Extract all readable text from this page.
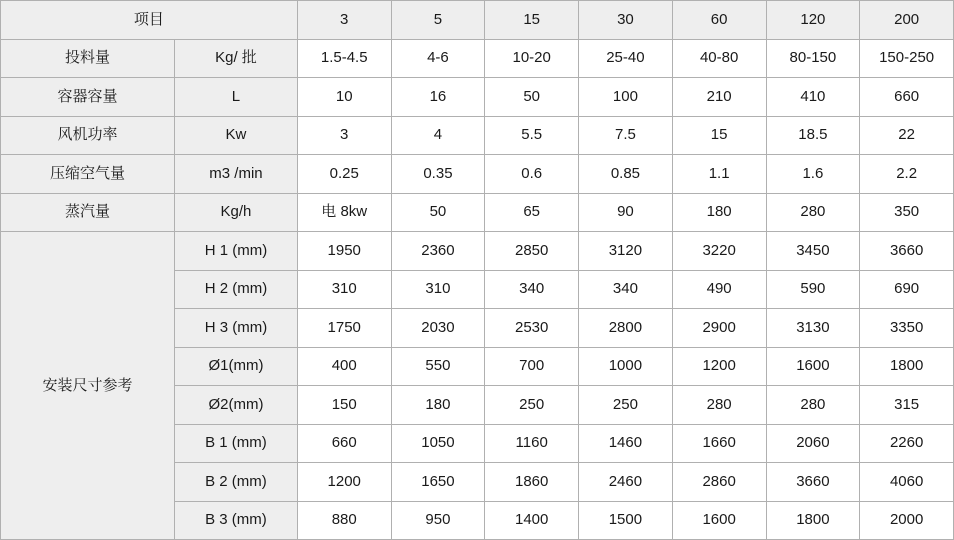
项目		3	5	15	30	60	120	200
投料量	Kg/ 批	1.5-4.5	4-6	10-20	25-40	40-80	80-150	150-250
容器容量	L	10	16	50	100	210	410	660
风机功率	Kw	3	4	5.5	7.5	15	18.5	22
压缩空气量	m3 /min	0.25	0.35	0.6	0.85	1.1	1.6	2.2
蒸汽量	Kg/h	电 8kw	50	65	90	180	280	350
安装尺寸参考	H 1 (mm)	1950	2360	2850	3120	3220	3450	3660
	H 2 (mm)	310	310	340	340	490	590	690
	H 3 (mm)	1750	2030	2530	2800	2900	3130	3350
	Ø1(mm)	400	550	700	1000	1200	1600	1800
	Ø2(mm)	150	180	250	250	280	280	315
	B 1 (mm)	660	1050	1160	1460	1660	2060	2260
	B 2 (mm)	1200	1650	1860	2460	2860	3660	4060
	B 3 (mm)	880	950	1400	1500	1600	1800	2000
